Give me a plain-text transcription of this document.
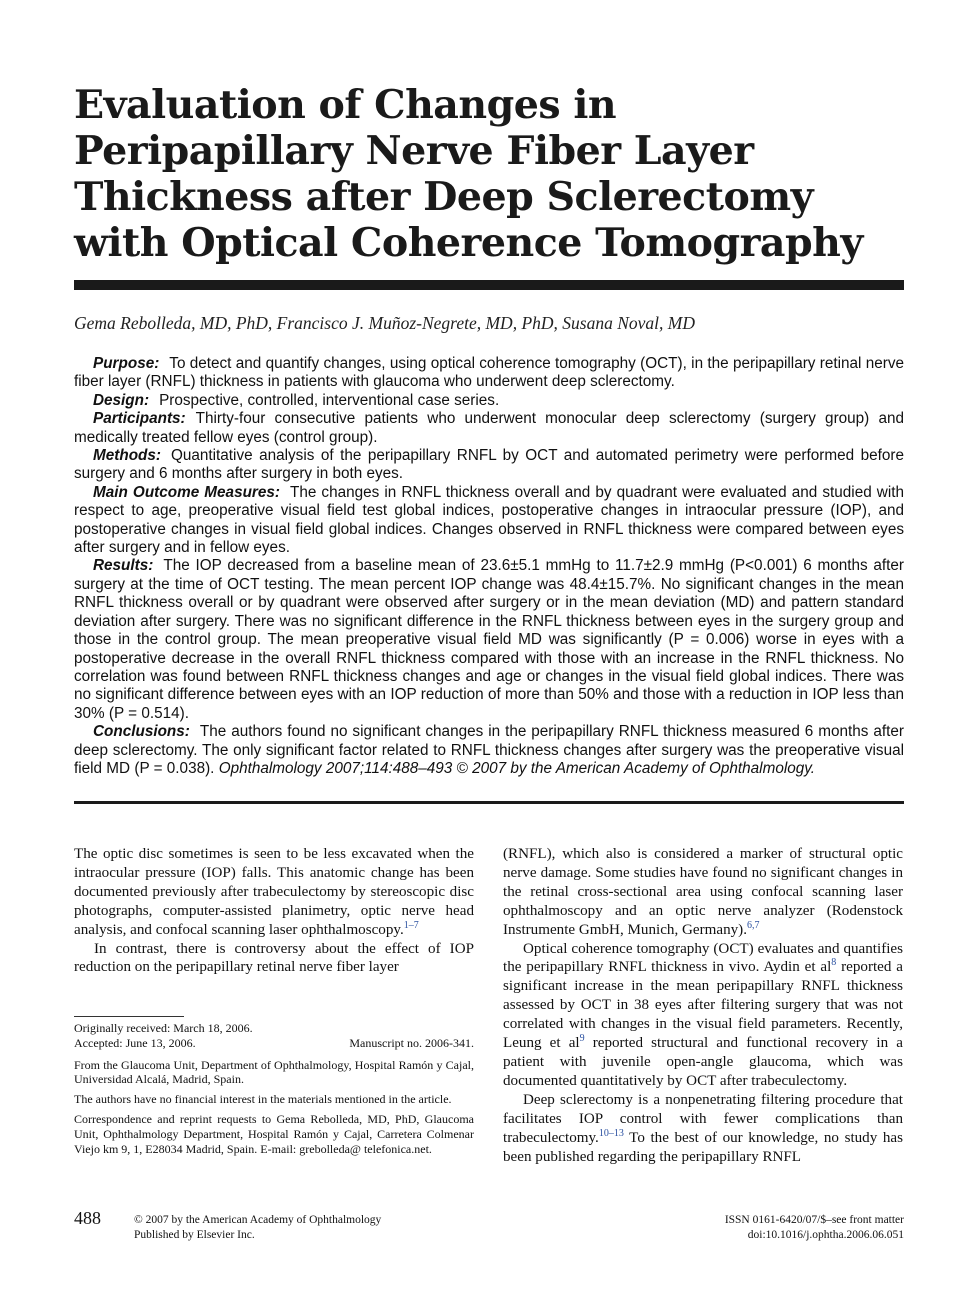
Evaluation of Changes in Peripapillary Nerve Fiber Layer Thickness after Deep Sclerectomy with Optical Coherence Tomography
Gema Rebolleda, MD, PhD, Francisco J. Muñoz-Negrete, MD, PhD, Susana Noval, MD

Purpose: To detect and quantify changes, using optical coherence tomography (OCT), in the peripapillary retinal nerve fiber layer (RNFL) thickness in patients with glaucoma who underwent deep sclerectomy.

Design: Prospective, controlled, interventional case series.

Participants: Thirty-four consecutive patients who underwent monocular deep sclerectomy (surgery group) and medically treated fellow eyes (control group).

Methods: Quantitative analysis of the peripapillary RNFL by OCT and automated perimetry were performed before surgery and 6 months after surgery in both eyes.

Main Outcome Measures: The changes in RNFL thickness overall and by quadrant were evaluated and studied with respect to age, preoperative visual field test global indices, postoperative changes in intraocular pressure (IOP), and postoperative changes in visual field global indices. Changes observed in RNFL thickness were compared between eyes after surgery and in fellow eyes.

Results: The IOP decreased from a baseline mean of 23.6±5.1 mmHg to 11.7±2.9 mmHg (P<0.001) 6 months after surgery at the time of OCT testing. The mean percent IOP change was 48.4±15.7%. No significant changes in the mean RNFL thickness overall or by quadrant were observed after surgery or in the mean deviation (MD) and pattern standard deviation after surgery. There was no significant difference in the RNFL thickness between eyes in the surgery group and those in the control group. The mean preoperative visual field MD was significantly (P = 0.006) worse in eyes with a postoperative decrease in the overall RNFL thickness compared with those with an increase in the RNFL thickness. No correlation was found between RNFL thickness changes and age or changes in the visual field global indices. There was no significant difference between eyes with an IOP reduction of more than 50% and those with a reduction in IOP less than 30% (P = 0.514).

Conclusions: The authors found no significant changes in the peripapillary RNFL thickness measured 6 months after deep sclerectomy. The only significant factor related to RNFL thickness changes after surgery was the preoperative visual field MD (P = 0.038). Ophthalmology 2007;114:488–493 © 2007 by the American Academy of Ophthalmology.

The optic disc sometimes is seen to be less excavated when the intraocular pressure (IOP) falls. This anatomic change has been documented previously after trabeculectomy by stereoscopic disc photographs, computer-assisted planimetry, optic nerve head analysis, and confocal scanning laser ophthalmoscopy.$^{1-7}$

In contrast, there is controversy about the effect of IOP reduction on the peripapillary retinal nerve fiber layer

Originally received: March 18, 2006.

Accepted: June 13, 2006.	Manuscript no. 2006-341.

From the Glaucoma Unit, Department of Ophthalmology, Hospital Ramón y Cajal, Universidad Alcalá, Madrid, Spain.

The authors have no financial interest in the materials mentioned in the article.

Correspondence and reprint requests to Gema Rebolleda, MD, PhD, Glaucoma Unit, Ophthalmology Department, Hospital Ramón y Cajal, Carretera Colmenar Viejo km 9, 1, E28034 Madrid, Spain. E-mail: grebolleda@ telefonica.net.

(RNFL), which also is considered a marker of structural optic nerve damage. Some studies have found no significant changes in the retinal cross-sectional area using confocal scanning laser ophthalmoscopy and an optic nerve analyzer (Rodenstock Instrumente GmbH, Munich, Germany).$^{6,7}$

Optical coherence tomography (OCT) evaluates and quantifies the peripapillary RNFL thickness in vivo. Aydin et $al^8$ reported a significant increase in the mean peripapillary RNFL thickness assessed by OCT in 38 eyes after filtering surgery that was not correlated with changes in the visual field parameters. Recently, Leung et $al^9$ reported structural and functional recovery in a patient with juvenile open-angle glaucoma, which was documented quantitatively by OCT after trabeculectomy.

Deep sclerectomy is a nonpenetrating filtering procedure that facilitates IOP control with fewer complications than trabeculectomy.$^{10-13}$ To the best of our knowledge, no study has been published regarding the peripapillary RNFL

488	© 2007 by the American Academy of Ophthalmology
Published by Elsevier Inc.
ISSN 0161-6420/07/$–see front matter
doi:10.1016/j.ophtha.2006.06.051
